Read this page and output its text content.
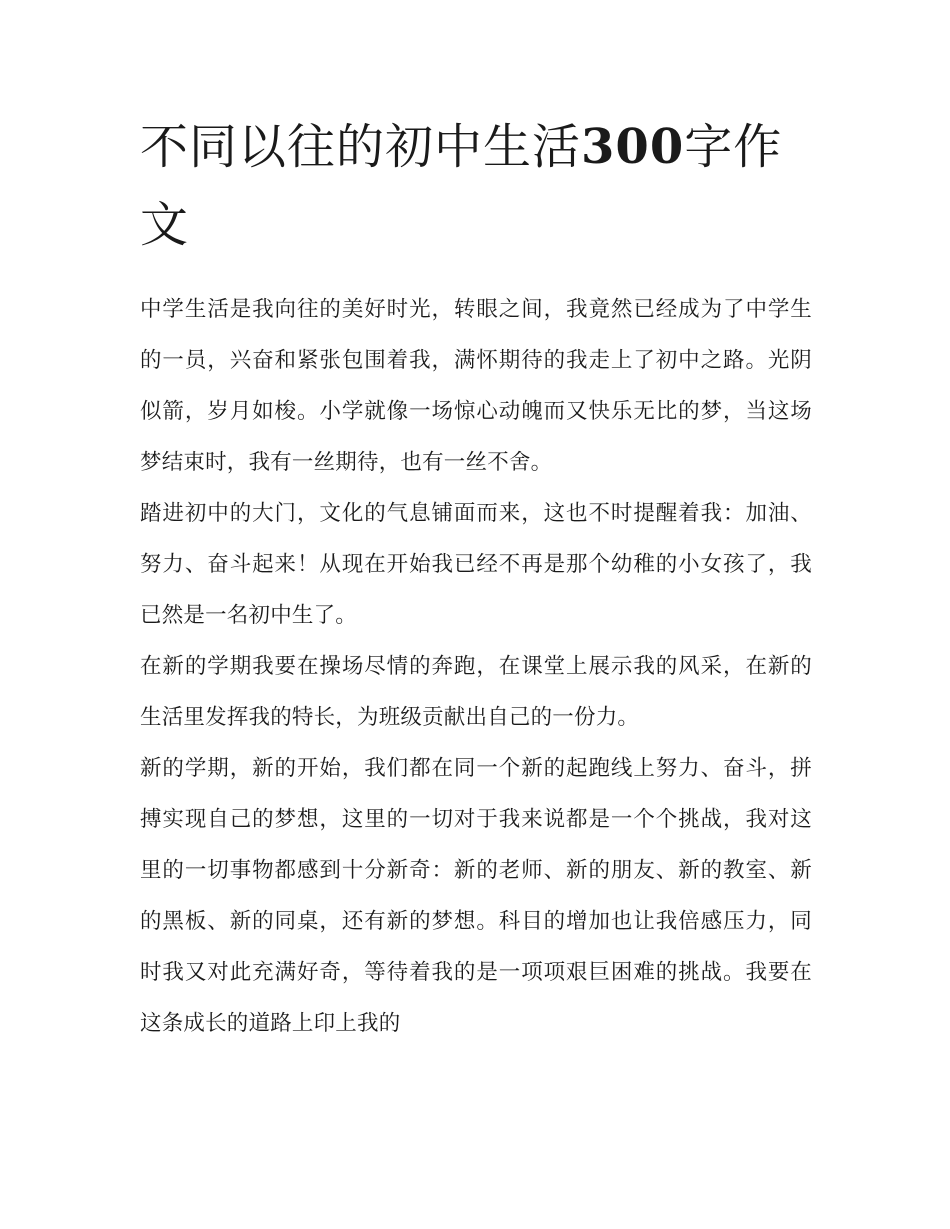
不同以往的初中生活300字作文

中学生活是我向往的美好时光，转眼之间，我竟然已经成为了中学生的一员，兴奋和紧张包围着我，满怀期待的我走上了初中之路。光阴似箭，岁月如梭。小学就像一场惊心动魄而又快乐无比的梦，当这场梦结束时，我有一丝期待，也有一丝不舍。

踏进初中的大门，文化的气息铺面而来，这也不时提醒着我：加油、努力、奋斗起来！从现在开始我已经不再是那个幼稚的小女孩了，我已然是一名初中生了。

在新的学期我要在操场尽情的奔跑，在课堂上展示我的风采，在新的生活里发挥我的特长，为班级贡献出自己的一份力。

新的学期，新的开始，我们都在同一个新的起跑线上努力、奋斗，拼搏实现自己的梦想，这里的一切对于我来说都是一个个挑战，我对这里的一切事物都感到十分新奇：新的老师、新的朋友、新的教室、新的黑板、新的同桌，还有新的梦想。科目的增加也让我倍感压力，同时我又对此充满好奇，等待着我的是一项项艰巨困难的挑战。我要在这条成长的道路上印上我的
